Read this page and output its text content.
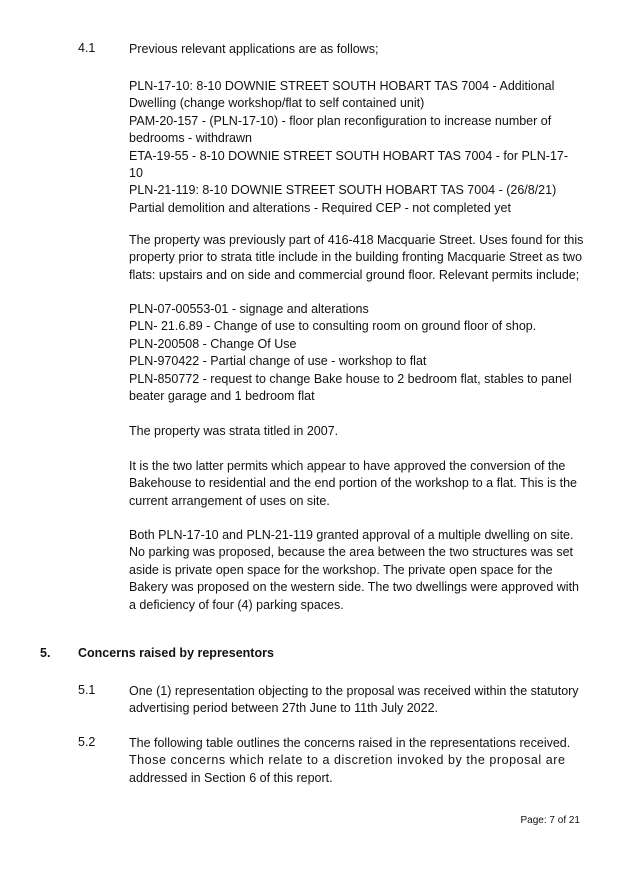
4.1	Previous relevant applications are as follows;
PLN-17-10: 8-10 DOWNIE STREET SOUTH HOBART TAS 7004 - Additional
Dwelling (change workshop/flat to self contained unit)
PAM-20-157 - (PLN-17-10) - floor plan reconfiguration to increase number of
bedrooms - withdrawn
ETA-19-55 - 8-10 DOWNIE STREET SOUTH HOBART TAS 7004 - for PLN-17-
10
PLN-21-119: 8-10 DOWNIE STREET SOUTH HOBART TAS 7004 - (26/8/21)
Partial demolition and alterations - Required CEP - not completed yet
The property was previously part of 416-418 Macquarie Street. Uses found for this
property prior to strata title include in the building fronting Macquarie Street as two
flats: upstairs and on side and commercial ground floor. Relevant permits include;
PLN-07-00553-01 - signage and alterations
PLN- 21.6.89 - Change of use to consulting room on ground floor of shop.
PLN-200508 - Change Of Use
PLN-970422 - Partial change of use - workshop to flat
PLN-850772 - request to change Bake house to 2 bedroom flat, stables to panel
beater garage and 1 bedroom flat
The property was strata titled in 2007.
It is the two latter permits which appear to have approved the conversion of the
Bakehouse to residential and the end portion of the workshop to a flat. This is the
current arrangement of uses on site.
Both PLN-17-10 and PLN-21-119 granted approval of a multiple dwelling on site.
No parking was proposed, because the area between the two structures was set
aside is private open space for the workshop. The private open space for the
Bakery was proposed on the western side. The two dwellings were approved with
a deficiency of four (4) parking spaces.
5. Concerns raised by representors
5.1	One (1) representation objecting to the proposal was received within the statutory
advertising period between 27th June to 11th July 2022.
5.2	The following table outlines the concerns raised in the representations received.
Those concerns which relate to a discretion invoked by the proposal are
addressed in Section 6 of this report.
Page: 7 of 21
